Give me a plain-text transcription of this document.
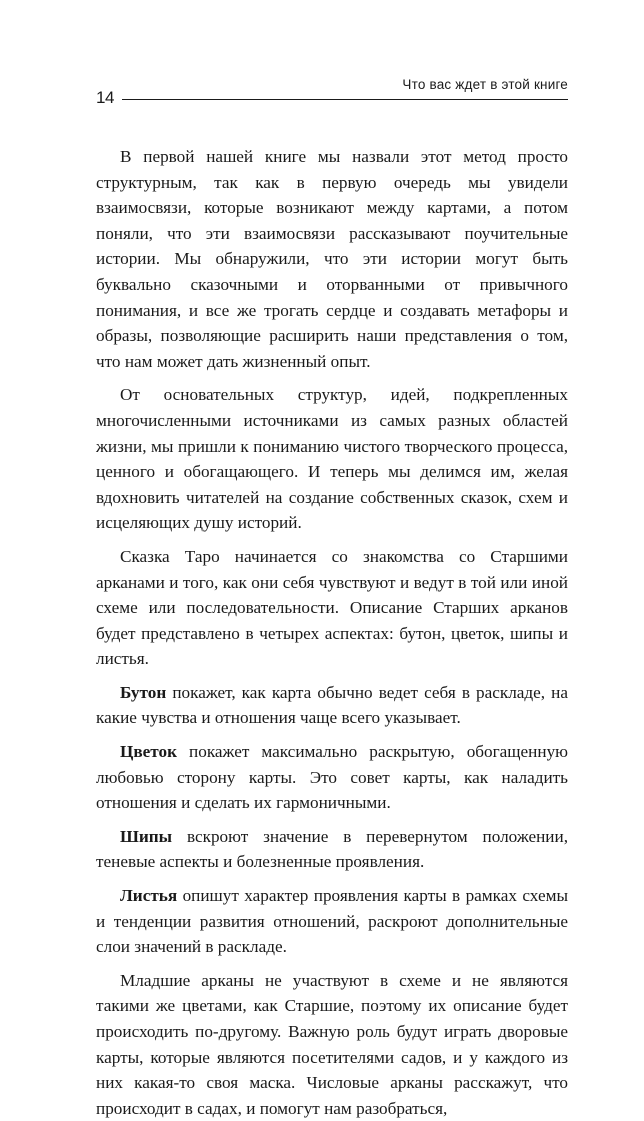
14
Что вас ждет в этой книге

В первой нашей книге мы назвали этот метод просто структурным, так как в первую очередь мы увидели взаимосвязи, которые возникают между картами, а потом поняли, что эти взаимосвязи рассказывают поучительные истории. Мы обнаружили, что эти истории могут быть буквально сказочными и оторванными от привычного понимания, и все же трогать сердце и создавать метафоры и образы, позволяющие расширить наши представления о том, что нам может дать жизненный опыт.

От основательных структур, идей, подкрепленных многочисленными источниками из самых разных областей жизни, мы пришли к пониманию чистого творческого процесса, ценного и обогащающего. И теперь мы делимся им, желая вдохновить читателей на создание собственных сказок, схем и исцеляющих душу историй.

Сказка Таро начинается со знакомства со Старшими арканами и того, как они себя чувствуют и ведут в той или иной схеме или последовательности. Описание Старших арканов будет представлено в четырех аспектах: бутон, цветок, шипы и листья.

Бутон покажет, как карта обычно ведет себя в раскладе, на какие чувства и отношения чаще всего указывает.

Цветок покажет максимально раскрытую, обогащенную любовью сторону карты. Это совет карты, как наладить отношения и сделать их гармоничными.

Шипы вскроют значение в перевернутом положении, теневые аспекты и болезненные проявления.

Листья опишут характер проявления карты в рамках схемы и тенденции развития отношений, раскроют дополнительные слои значений в раскладе.

Младшие арканы не участвуют в схеме и не являются такими же цветами, как Старшие, поэтому их описание будет происходить по-другому. Важную роль будут играть дворовые карты, которые являются посетителями садов, и у каждого из них какая-то своя маска. Числовые арканы расскажут, что происходит в садах, и помогут нам разобраться,
